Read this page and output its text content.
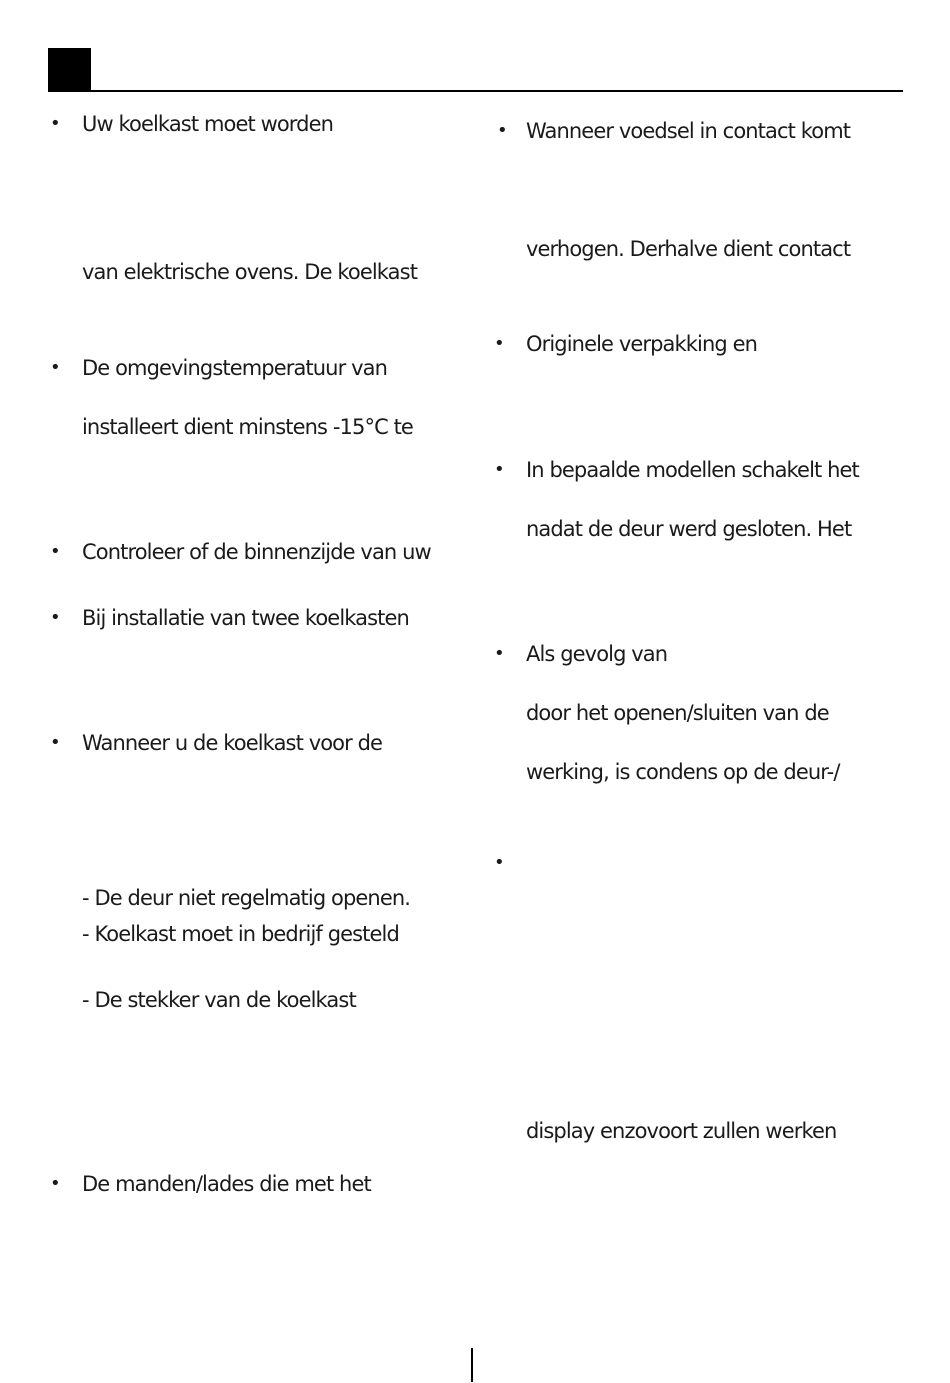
• Uw koelkast moet worden
van elektrische ovens. De koelkast
• De omgevingstemperatuur van
installeert dient minstens -15°C te
• Controleer of de binnenzijde van uw
• Bij installatie van twee koelkasten
• Wanneer u de koelkast voor de
- De deur niet regelmatig openen.
- Koelkast moet in bedrijf gesteld
- De stekker van de koelkast
• De manden/lades die met het
• Wanneer voedsel in contact komt
verhogen. Derhalve dient contact
• Originele verpakking en
• In bepaalde modellen schakelt het
nadat de deur werd gesloten. Het
• Als gevolg van
door het openen/sluiten van de
werking, is condens op de deur-/
•
display enzovoort zullen werken
